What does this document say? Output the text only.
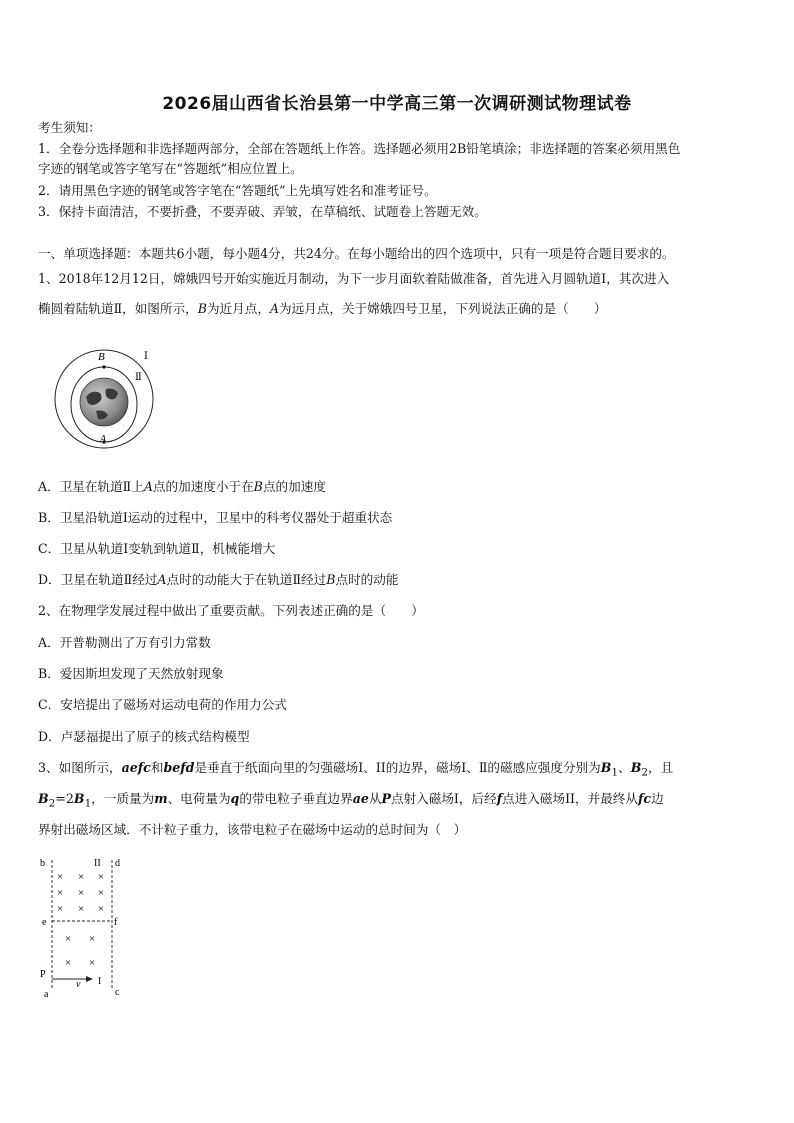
2026届山西省长治县第一中学高三第一次调研测试物理试卷
考生须知：
1．全卷分选择题和非选择题两部分，全部在答题纸上作答。选择题必须用2B铅笔填涂；非选择题的答案必须用黑色
字迹的钢笔或答字笔写在“答题纸”相应位置上。
2．请用黑色字迹的钢笔或答字笔在“答题纸”上先填写姓名和准考证号。
3．保持卡面清洁，不要折叠，不要弄破、弄皱，在草稿纸、试题卷上答题无效。
一、单项选择题：本题共6小题，每小题4分，共24分。在每小题给出的四个选项中，只有一项是符合题目要求的。
1、2018年12月12日，嫦娥四号开始实施近月制动，为下一步月面软着陆做准备，首先进入月圆轨道Ⅰ，其次进入
椭圆着陆轨道Ⅱ，如图所示，B为近月点，A为远月点，关于嫦娥四号卫星，下列说法正确的是（　　）
B
A
Ⅰ
Ⅱ
A．卫星在轨道Ⅱ上A点的加速度小于在B点的加速度
B．卫星沿轨道Ⅰ运动的过程中，卫星中的科考仪器处于超重状态
C．卫星从轨道Ⅰ变轨到轨道Ⅱ，机械能增大
D．卫星在轨道Ⅱ经过A点时的动能大于在轨道Ⅱ经过B点时的动能
2、在物理学发展过程中做出了重要贡献。下列表述正确的是（　　）
A．开普勒测出了万有引力常数
B．爱因斯坦发现了天然放射现象
C．安培提出了磁场对运动电荷的作用力公式
D．卢瑟福提出了原子的核式结构模型
3、如图所示，aefc和befd是垂直于纸面向里的匀强磁场I、II的边界，磁场I、Ⅱ的磁感应强度分别为$B_1$、$B_2$，且
$B_2=2B_1$，一质量为m、电荷量为q的带电粒子垂直边界ae从P点射入磁场I，后经f点进入磁场II，并最终从fc边
界射出磁场区域．不计粒子重力，该带电粒子在磁场中运动的总时间为（　）
× × ×
× × ×
× × ×
× ×
× ×
b	II d
e	f
P
v I
a	c
